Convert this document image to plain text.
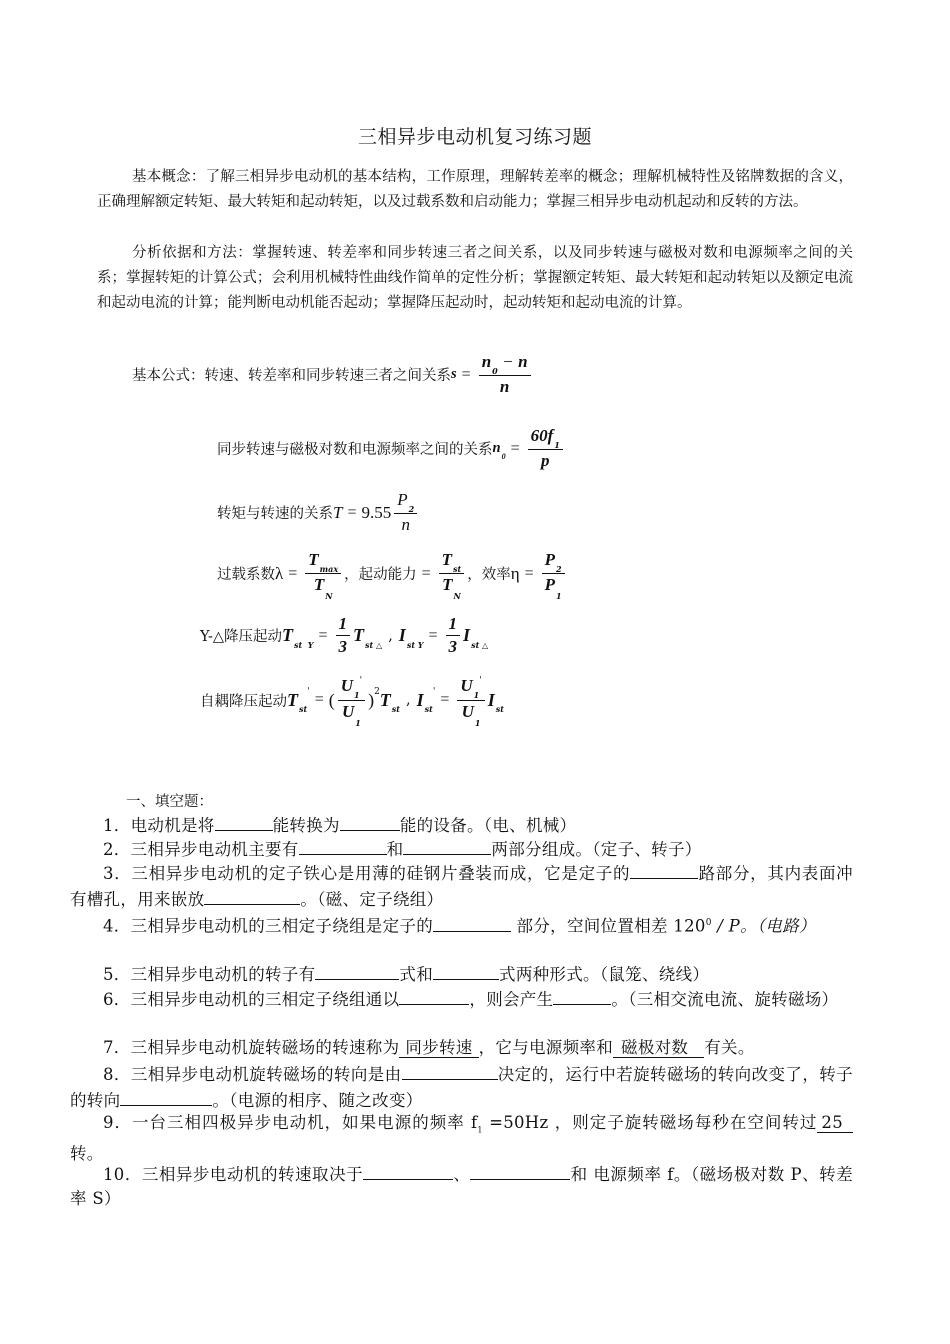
三相异步电动机复习练习题
基本概念：了解三相异步电动机的基本结构，工作原理，理解转差率的概念；理解机械特性及铭牌数据的含义，正确理解额定转矩、最大转矩和起动转矩，以及过载系数和启动能力；掌握三相异步电动机起动和反转的方法。
分析依据和方法：掌握转速、转差率和同步转速三者之间关系，以及同步转速与磁极对数和电源频率之间的关系；掌握转矩的计算公式；会利用机械特性曲线作简单的定性分析；掌握额定转矩、最大转矩和起动转矩以及额定电流和起动电流的计算；能判断电动机能否起动；掌握降压起动时，起动转矩和起动电流的计算。
基本公式：转速、转差率和同步转速三者之间关系 $s = \frac{n_0 - n}{n}$
同步转速与磁极对数和电源频率之间的关系 $n_0 = \frac{60f_1}{p}$
转矩与转速的关系 $T = 9.55 \frac{P_2}{n}$
过载系数 $\lambda = \frac{T_{max}}{T_N}$ ，起动能力 = $\frac{T_{st}}{T_N}$ ，效率 $\eta = \frac{P_2}{P_1}$
Y-△降压起动 T st  Y
= $\frac{1}{3}$ T st △
, I st Y
= $\frac{1}{3}$ I st △
自耦降压起动 T st
' = ( $\frac{U_1'}{U_1}$ ) 2 T st
, I st
' = $\frac{U_1'}{U_1}$ I st
一、填空题：
1．电动机是将	能转换为	能的设备。（电、机械）
2．三相异步电动机主要有	和	两部分组成。（定子、转子）
3．三相异步电动机的定子铁心是用薄的硅钢片叠装而成，它是定子的	路部分，其内表面冲有槽孔，用来嵌放	。（磁、定子绕组）
4．三相异步电动机的三相定子绕组是定子的	部分，空间位置相差 $120^0$ / P。（电路）
5．三相异步电动机的转子有	式和	式两种形式。（鼠笼、绕线）
6．三相异步电动机的三相定子绕组通以	，则会产生	。（三相交流电流、旋转磁场）
7．三相异步电动机旋转磁场的转速称为 同步转速 ，它与电源频率和 磁极对数 有关。
8．三相异步电动机旋转磁场的转向是由	决定的，运行中若旋转磁场的转向改变了，转子的转向	。（电源的相序、随之改变）
9．一台三相四极异步电动机，如果电源的频率 $f_1 =50Hz$ ，则定子旋转磁场每秒在空间转过 25 转。
10．三相异步电动机的转速取决于	、	和 电源频率 f。（磁场极对数 P、转差率 S）
